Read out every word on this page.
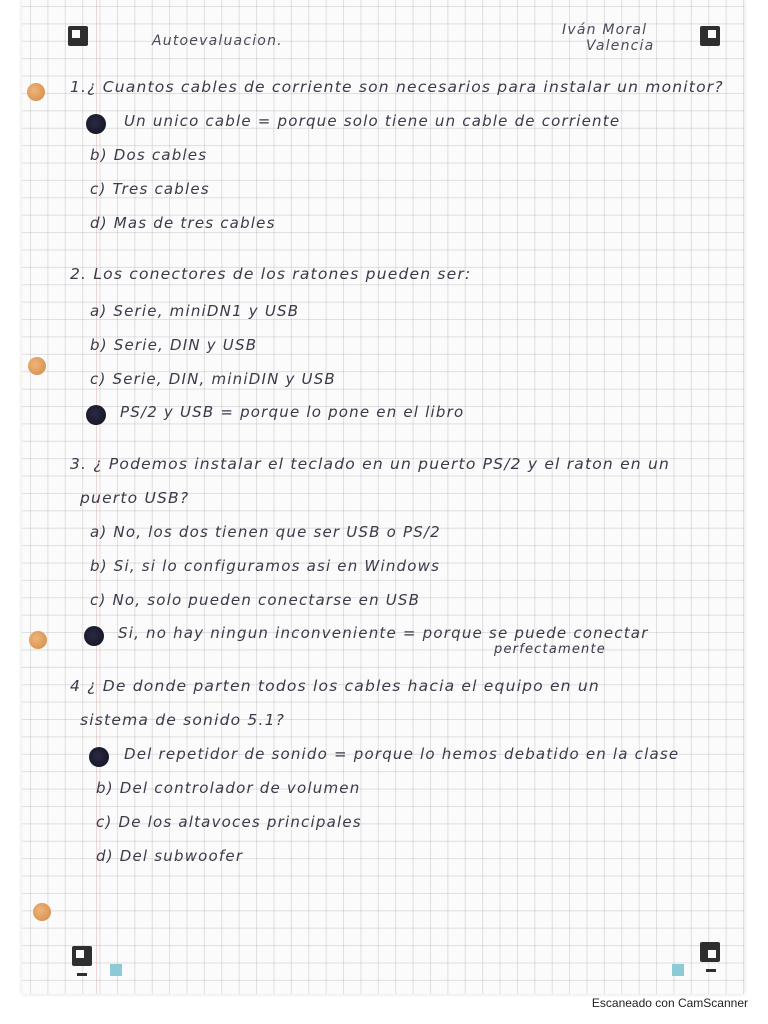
Autoevaluacion.
Iván Moral
Valencia
1.¿ Cuantos cables de corriente son necesarios para instalar un monitor?
Un unico cable = porque solo tiene un cable de corriente
b) Dos cables
c) Tres cables
d) Mas de tres cables
2. Los conectores de los ratones pueden ser:
a) Serie, miniDN1 y USB
b) Serie, DIN y USB
c) Serie, DIN, miniDIN y USB
PS/2 y USB = porque lo pone en el libro
3. ¿ Podemos instalar el teclado en un puerto PS/2 y el raton en un
puerto USB?
a) No, los dos tienen que ser USB o PS/2
b) Si, si lo configuramos asi en Windows
c) No, solo pueden conectarse en USB
Si, no hay ningun inconveniente = porque se puede conectar
perfectamente
4 ¿ De donde parten todos los cables hacia el equipo en un
sistema de sonido 5.1?
Del repetidor de sonido = porque lo hemos debatido en la clase
b) Del controlador de volumen
c) De los altavoces principales
d) Del subwoofer
Escaneado con CamScanner
